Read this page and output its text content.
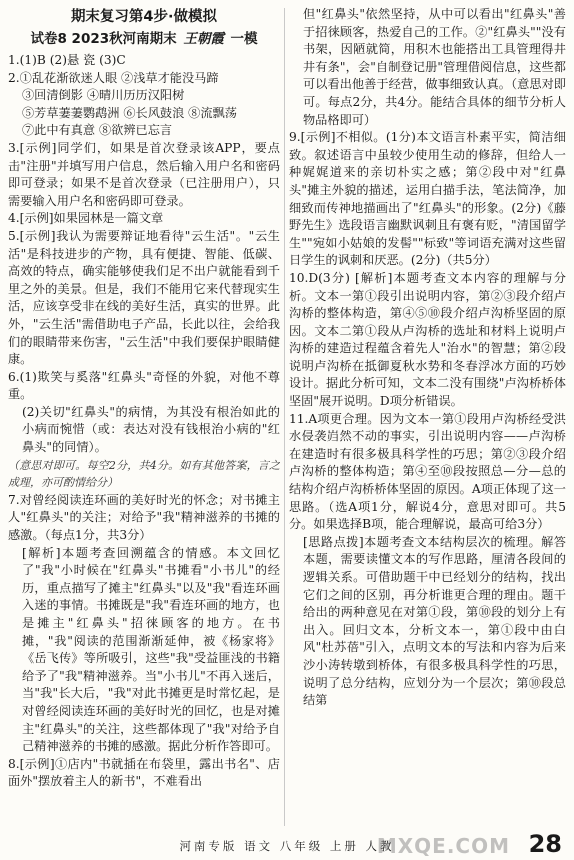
期末复习第4步·做模拟
试卷8 2023秋河南期末 王朝霞 一模

1.(1)B (2)悬 瓷 (3)C

2.①乱花渐欲迷人眼 ②浅草才能没马蹄

③回清倒影 ④晴川历历汉阳树

⑤芳草萋萋鹦鹉洲 ⑥长风鼓浪 ⑧流飘荡

⑦此中有真意 ⑧欲辨已忘言

3.[示例]同学们，如果是首次登录该APP，要点击"注册"并填写用户信息，然后输入用户名和密码即可登录；如果不是首次登录（已注册用户），只需要输入用户名和密码即可登录。

4.[示例]如果园林是一篇文章

5.[示例]我认为需要辩证地看待"云生活"。"云生活"是科技进步的产物，具有便捷、智能、低碳、高效的特点，确实能够使我们足不出户就能看到千里之外的美景。但是，我们不能用它来代替现实生活，应该享受非在线的美好生活，真实的世界。此外，"云生活"需借助电子产品，长此以往，会给我们的眼睛带来伤害，"云生活"中我们要保护眼睛健康。

6.(1)欺笑与奚落"红鼻头"奇怪的外貌，对他不尊重。

(2)关切"红鼻头"的病情，为其没有根治如此的小病而惋惜（或：表达对没有钱根治小病的"红鼻头"的同情）。

（意思对即可。每空2分，共4分。如有其他答案，言之成理，亦可酌情给分）

7.对曾经阅读连环画的美好时光的怀念；对书摊主人"红鼻头"的关注；对给予"我"精神滋养的书摊的感激。（每点1分，共3分）

[解析]本题考查回溯蕴含的情感。本文回忆了"我"小时候在"红鼻头"书摊看"小书儿"的经历，重点描写了摊主"红鼻头"以及"我"看连环画入迷的事情。书摊既是"我"看连环画的地方，也是摊主"红鼻头"招徕顾客的地方。在书摊，"我"阅读的范围渐渐延伸，被《杨家将》《岳飞传》等所吸引，这些"我"受益匪浅的书籍给予了"我"精神滋养。当"小书儿"不再入迷后，当"我"长大后，"我"对此书摊更是时常忆起，是对曾经阅读连环画的美好时光的回忆，也是对摊主"红鼻头"的关注，这些都体现了"我"对给予自己精神滋养的书摊的感激。据此分析作答即可。

8.[示例]①店内"书就插在布袋里，露出书名"、店面外"摆放着主人的新书"，不难看出

但"红鼻头"依然坚持，从中可以看出"红鼻头"善于招徕顾客，热爱自己的工作。②"红鼻头""没有书架，因陋就简，用积木也能搭出工具管理得井井有条"，会"自制登记册"管理借阅信息，这些都可以看出他善于经营，做事细致认真。（意思对即可。每点2分，共4分。能结合具体的细节分析人物品格即可）

9.[示例]不相似。(1分)本文语言朴素平实，简洁细致。叙述语言中虽较少使用生动的修辞，但给人一种娓娓道来的亲切朴实之感；第②段中对"红鼻头"摊主外貌的描述，运用白描手法，笔法简净，加细致而传神地描画出了"红鼻头"的形象。(2分)《藤野先生》选段语言幽默讽刺且有褒有贬，"清国留学生""宛如小姑娘的发髻""标致"等词语充满对这些留日学生的讽刺和厌恶。(2分)（共5分）

10.D(3分) [解析]本题考查文本内容的理解与分析。文本一第①段引出说明内容，第②③段介绍卢沟桥的整体构造，第④⑤⑩段介绍卢沟桥坚固的原因。文本二第①段从卢沟桥的选址和材料上说明卢沟桥的建造过程蕴含着先人"治水"的智慧；第②段说明卢沟桥在抵御夏秋水势和冬春浮冰方面的巧妙设计。据此分析可知，文本二没有围绕"卢沟桥桥体坚固"展开说明。D项分析错误。

11.A项更合理。因为文本一第①段用卢沟桥经受洪水侵袭岿然不动的事实，引出说明内容——卢沟桥在建造时有很多极具科学性的巧思；第②③段介绍卢沟桥的整体构造；第④至⑩段按照总—分—总的结构介绍卢沟桥桥体坚固的原因。A项正体现了这一思路。（选A项1分，解说4分，意思对即可。共5分。如果选择B项，能合理解说，最高可给3分）

[思路点拨]本题考查文本结构层次的梳理。解答本题，需要读懂文本的写作思路，厘清各段间的逻辑关系。可借助题干中已经划分的结构，找出它们之间的区别，再分析谁更合理的理由。题干给出的两种意见在对第①段，第⑩段的划分上有出入。回归文本，分析文本一，第①段中由白风"杜苏蓓"引入，点明文本的写法和内容为后来沙小涛转墩到桥体，有很多极具科学性的巧思，说明了总分结构，应划分为一个层次；第⑩段总结第

河南专版 语文 八年级 上册 人教
MXQE.COM 28
